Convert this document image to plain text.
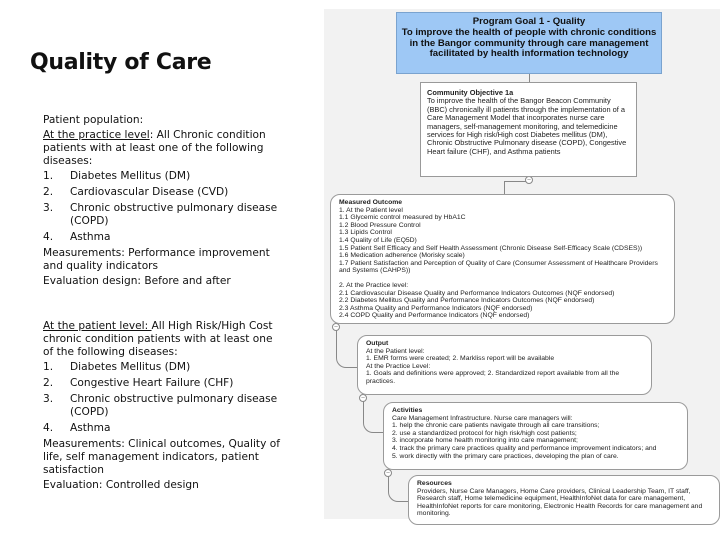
Quality of Care

Patient population:

At the practice level: All Chronic condition patients with at least one of the following diseases:

1.	Diabetes Mellitus (DM)
2.	Cardiovascular Disease (CVD)
3.	Chronic obstructive pulmonary disease (COPD)
4.	Asthma

Measurements: Performance improvement and quality indicators

Evaluation design: Before and after

At the patient level: All High Risk/High Cost chronic condition patients with at least one of the following diseases:

1.	Diabetes Mellitus (DM)
2.	Congestive Heart Failure (CHF)
3.	Chronic obstructive pulmonary disease (COPD)
4.	Asthma

Measurements: Clinical outcomes, Quality of life, self management indicators, patient satisfaction

Evaluation: Controlled design

–
–
–
–
Program Goal 1 - Quality
To improve the health of people with chronic conditions in the Bangor community through care management facilitated by health information technology
Community Objective 1a
To improve the health of the Bangor Beacon Community (BBC) chronically ill patients through the implementation of a Care Management Model that incorporates nurse care managers, self-management monitoring, and telemedicine services for High risk/High cost Diabetes mellitus (DM), Chronic Obstructive Pulmonary disease (COPD), Congestive Heart failure (CHF), and Asthma patients
Measured Outcome
1. At the Patient level
1.1 Glycemic control measured by HbA1C
1.2 Blood Pressure Control
1.3 Lipids Control
1.4 Quality of Life (EQ5D)
1.5 Patient Self Efficacy and Self Health Assessment (Chronic Disease Self-Efficacy Scale (CDSES))
1.6 Medication adherence (Morisky scale)
1.7 Patient Satisfaction and Perception of Quality of Care (Consumer Assessment of Healthcare Providers and Systems (CAHPS))
2. At the Practice level:
2.1 Cardiovascular Disease Quality and Performance Indicators Outcomes (NQF endorsed)
2.2 Diabetes Mellitus Quality and Performance Indicators Outcomes (NQF endorsed)
2.3 Asthma Quality and Performance Indicators (NQF endorsed)
2.4 COPD Quality and Performance Indicators (NQF endorsed)
Output
At the Patient level:
1. EMR forms were created; 2. Markliss report will be available
At the Practice Level:
1. Goals and definitions were approved; 2. Standardized report available from all the practices.
Activities
Care Management Infrastructure. Nurse care managers will:
1. help the chronic care patients navigate through all care transitions;
2. use a standardized protocol for high risk/high cost patients;
3. incorporate home health monitoring into care management;
4. track the primary care practices quality and performance improvement indicators; and
5. work directly with the primary care practices, developing the plan of care.
Resources
Providers, Nurse Care Managers, Home Care providers, Clinical Leadership Team, IT staff, Research staff, Home telemedicine equipment, HealthInfoNet data for care management, HealthInfoNet reports for care monitoring, Electronic Health Records for care management and monitoring.
